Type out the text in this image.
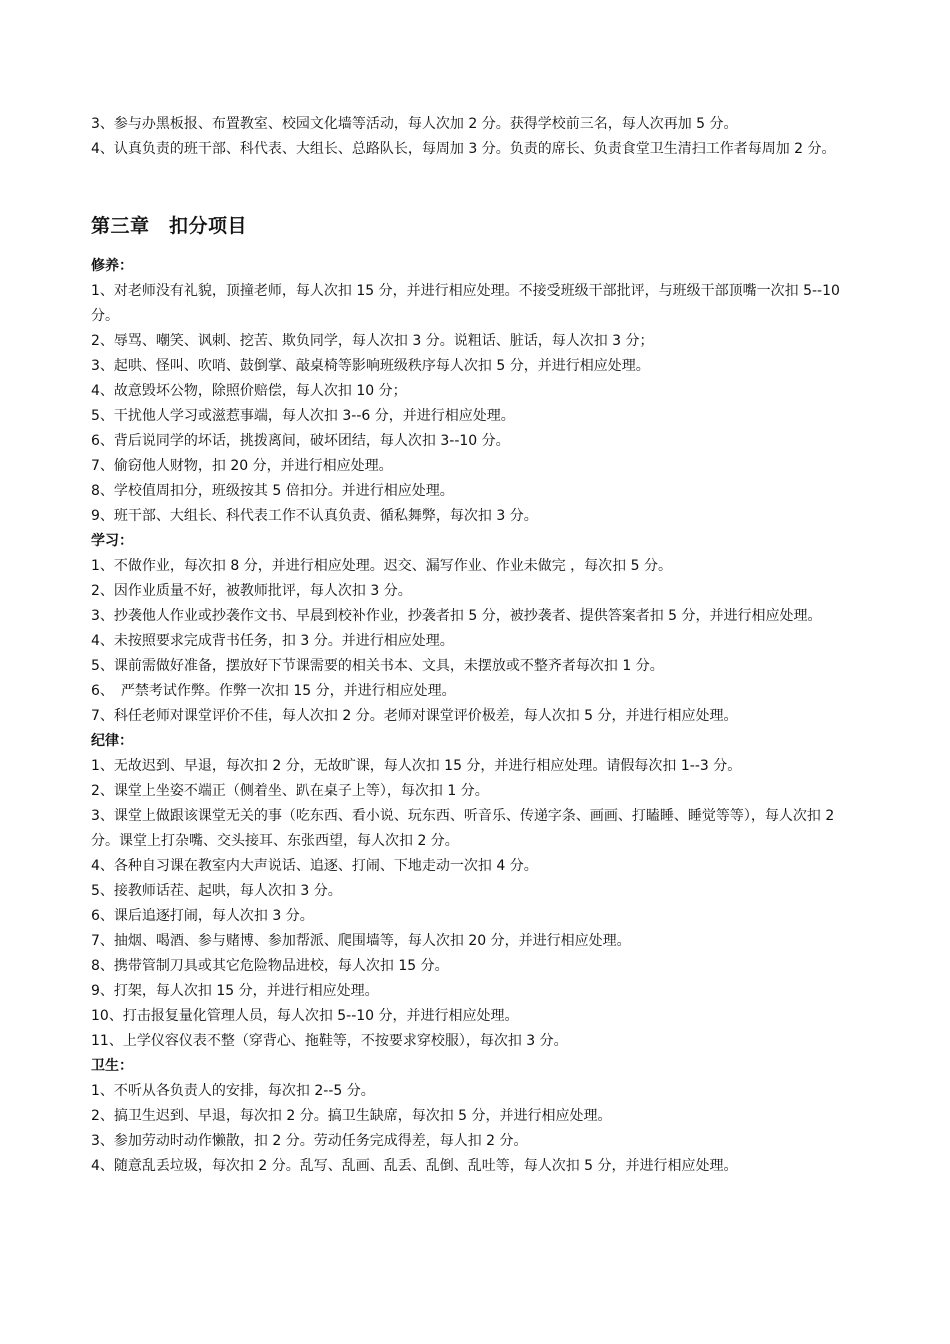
3、参与办黑板报、布置教室、校园文化墙等活动，每人次加 2 分。获得学校前三名，每人次再加 5 分。

4、认真负责的班干部、科代表、大组长、总路队长，每周加 3 分。负责的席长、负责食堂卫生清扫工作者每周加 2 分。

第三章　扣分项目

修养：

1、对老师没有礼貌，顶撞老师，每人次扣 15 分，并进行相应处理。不接受班级干部批评，与班级干部顶嘴一次扣 5--10 分。
2、辱骂、嘲笑、讽刺、挖苦、欺负同学，每人次扣 3 分。说粗话、脏话，每人次扣 3 分；
3、起哄、怪叫、吹哨、鼓倒掌、敲桌椅等影响班级秩序每人次扣 5 分，并进行相应处理。
4、故意毁坏公物，除照价赔偿，每人次扣 10 分；
5、干扰他人学习或滋惹事端，每人次扣 3--6 分，并进行相应处理。
6、背后说同学的坏话，挑拨离间，破坏团结，每人次扣 3--10 分。
7、偷窃他人财物，扣 20 分，并进行相应处理。
8、学校值周扣分，班级按其 5 倍扣分。并进行相应处理。
9、班干部、大组长、科代表工作不认真负责、循私舞弊，每次扣 3 分。

学习：

1、不做作业，每次扣 8 分，并进行相应处理。迟交、漏写作业、作业未做完 ，每次扣 5 分。
2、因作业质量不好，被教师批评，每人次扣 3 分。
3、抄袭他人作业或抄袭作文书、早晨到校补作业，抄袭者扣 5 分，被抄袭者、提供答案者扣 5 分，并进行相应处理。
4、未按照要求完成背书任务，扣 3 分。并进行相应处理。
5、课前需做好准备，摆放好下节课需要的相关书本、文具，未摆放或不整齐者每次扣 1 分。
6、　严禁考试作弊。作弊一次扣 15 分，并进行相应处理。
7、科任老师对课堂评价不佳，每人次扣 2 分。老师对课堂评价极差，每人次扣 5 分，并进行相应处理。

纪律：

1、无故迟到、早退，每次扣 2 分，无故旷课，每人次扣 15 分，并进行相应处理。请假每次扣 1--3 分。
2、课堂上坐姿不端正（侧着坐、趴在桌子上等），每次扣 1 分。
3、课堂上做跟该课堂无关的事（吃东西、看小说、玩东西、听音乐、传递字条、画画、打瞌睡、睡觉等等），每人次扣 2 分。课堂上打杂嘴、交头接耳、东张西望，每人次扣 2 分。
4、各种自习课在教室内大声说话、追逐、打闹、下地走动一次扣 4 分。
5、接教师话茬、起哄，每人次扣 3 分。
6、课后追逐打闹，每人次扣 3 分。
7、抽烟、喝酒、参与赌博、参加帮派、爬围墙等，每人次扣 20 分，并进行相应处理。
8、携带管制刀具或其它危险物品进校，每人次扣 15 分。
9、打架，每人次扣 15 分，并进行相应处理。
10、打击报复量化管理人员，每人次扣 5--10 分，并进行相应处理。
11、上学仪容仪表不整（穿背心、拖鞋等，不按要求穿校服），每次扣 3 分。

卫生：

1、不听从各负责人的安排，每次扣 2--5 分。
2、搞卫生迟到、早退，每次扣 2 分。搞卫生缺席，每次扣 5 分，并进行相应处理。
3、参加劳动时动作懒散，扣 2 分。劳动任务完成得差，每人扣 2 分。
4、随意乱丢垃圾，每次扣 2 分。乱写、乱画、乱丢、乱倒、乱吐等，每人次扣 5 分，并进行相应处理。
